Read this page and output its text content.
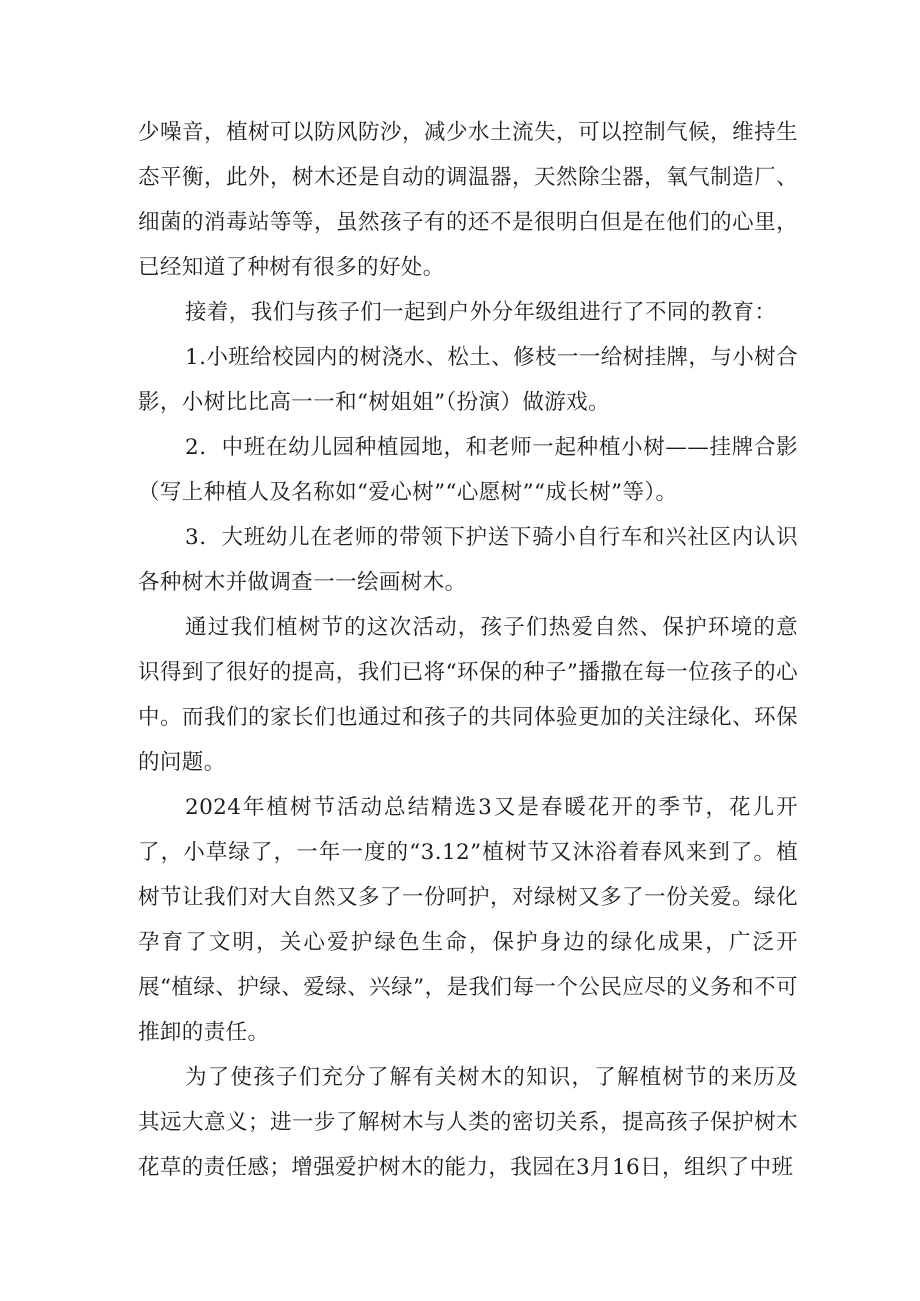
少噪音，植树可以防风防沙，减少水土流失，可以控制气候，维持生态平衡，此外，树木还是自动的调温器，天然除尘器，氧气制造厂、细菌的消毒站等等，虽然孩子有的还不是很明白但是在他们的心里，已经知道了种树有很多的好处。

接着，我们与孩子们一起到户外分年级组进行了不同的教育：

1.小班给校园内的树浇水、松土、修枝一一给树挂牌，与小树合影，小树比比高一一和“树姐姐”（扮演）做游戏。

2．中班在幼儿园种植园地，和老师一起种植小树——挂牌合影（写上种植人及名称如“爱心树”“心愿树”“成长树”等）。

3．大班幼儿在老师的带领下护送下骑小自行车和兴社区内认识各种树木并做调查一一绘画树木。

通过我们植树节的这次活动，孩子们热爱自然、保护环境的意识得到了很好的提高，我们已将“环保的种子”播撒在每一位孩子的心中。而我们的家长们也通过和孩子的共同体验更加的关注绿化、环保的问题。

2024年植树节活动总结精选3又是春暖花开的季节，花儿开了，小草绿了，一年一度的“3.12”植树节又沐浴着春风来到了。植树节让我们对大自然又多了一份呵护，对绿树又多了一份关爱。绿化孕育了文明，关心爱护绿色生命，保护身边的绿化成果，广泛开展“植绿、护绿、爱绿、兴绿”，是我们每一个公民应尽的义务和不可推卸的责任。

为了使孩子们充分了解有关树木的知识，了解植树节的来历及其远大意义；进一步了解树木与人类的密切关系，提高孩子保护树木花草的责任感；增强爱护树木的能力，我园在3月16日，组织了中班
